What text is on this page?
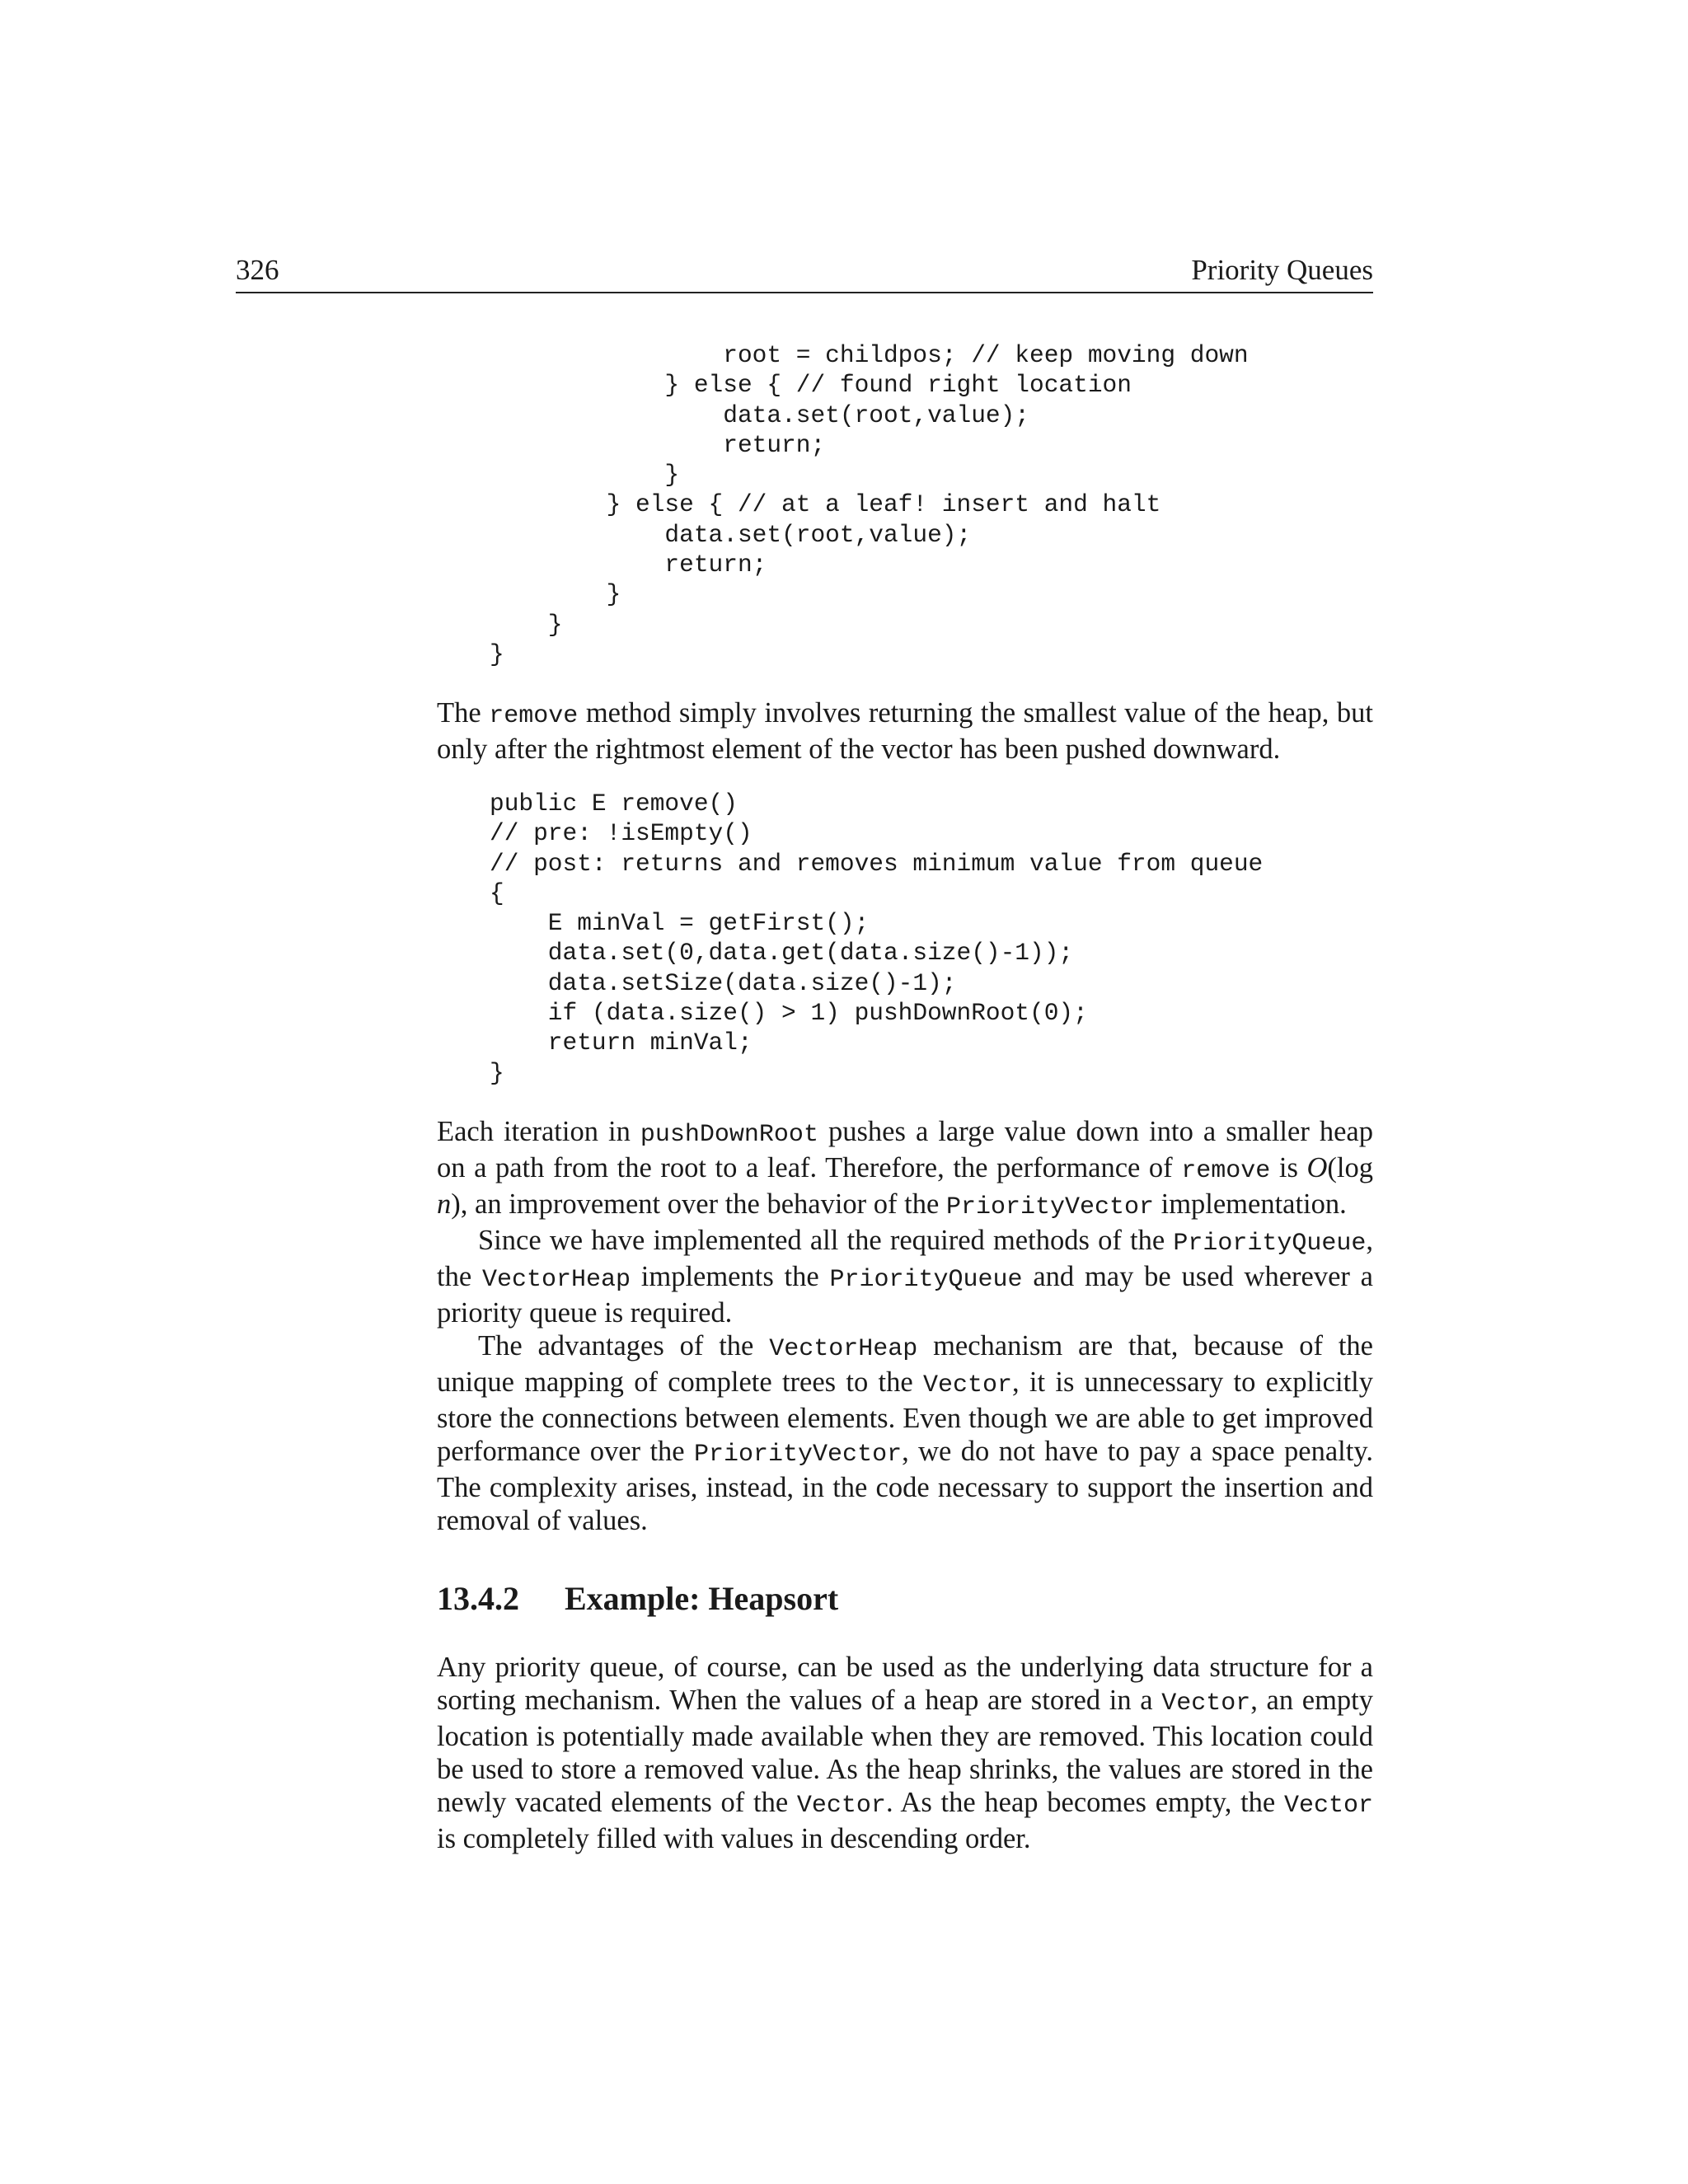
326	Priority Queues
root = childpos; // keep moving down
} else { // found right location
data.set(root,value);
return;
}
} else { // at a leaf! insert and halt
data.set(root,value);
return;
}
}
}

The remove method simply involves returning the smallest value of the heap, but only after the rightmost element of the vector has been pushed downward.

public E remove()
// pre: !isEmpty()
// post: returns and removes minimum value from queue
{
E minVal = getFirst();
data.set(0,data.get(data.size()-1));
data.setSize(data.size()-1);
if (data.size() > 1) pushDownRoot(0);
return minVal;
}

Each iteration in pushDownRoot pushes a large value down into a smaller heap on a path from the root to a leaf. Therefore, the performance of remove is O(log n), an improvement over the behavior of the PriorityVector implementation.

Since we have implemented all the required methods of the PriorityQueue, the VectorHeap implements the PriorityQueue and may be used wherever a priority queue is required.

The advantages of the VectorHeap mechanism are that, because of the unique mapping of complete trees to the Vector, it is unnecessary to explicitly store the connections between elements. Even though we are able to get improved performance over the PriorityVector, we do not have to pay a space penalty. The complexity arises, instead, in the code necessary to support the insertion and removal of values.

13.4.2 Example: Heapsort

Any priority queue, of course, can be used as the underlying data structure for a sorting mechanism. When the values of a heap are stored in a Vector, an empty location is potentially made available when they are removed. This location could be used to store a removed value. As the heap shrinks, the values are stored in the newly vacated elements of the Vector. As the heap becomes empty, the Vector is completely filled with values in descending order.
